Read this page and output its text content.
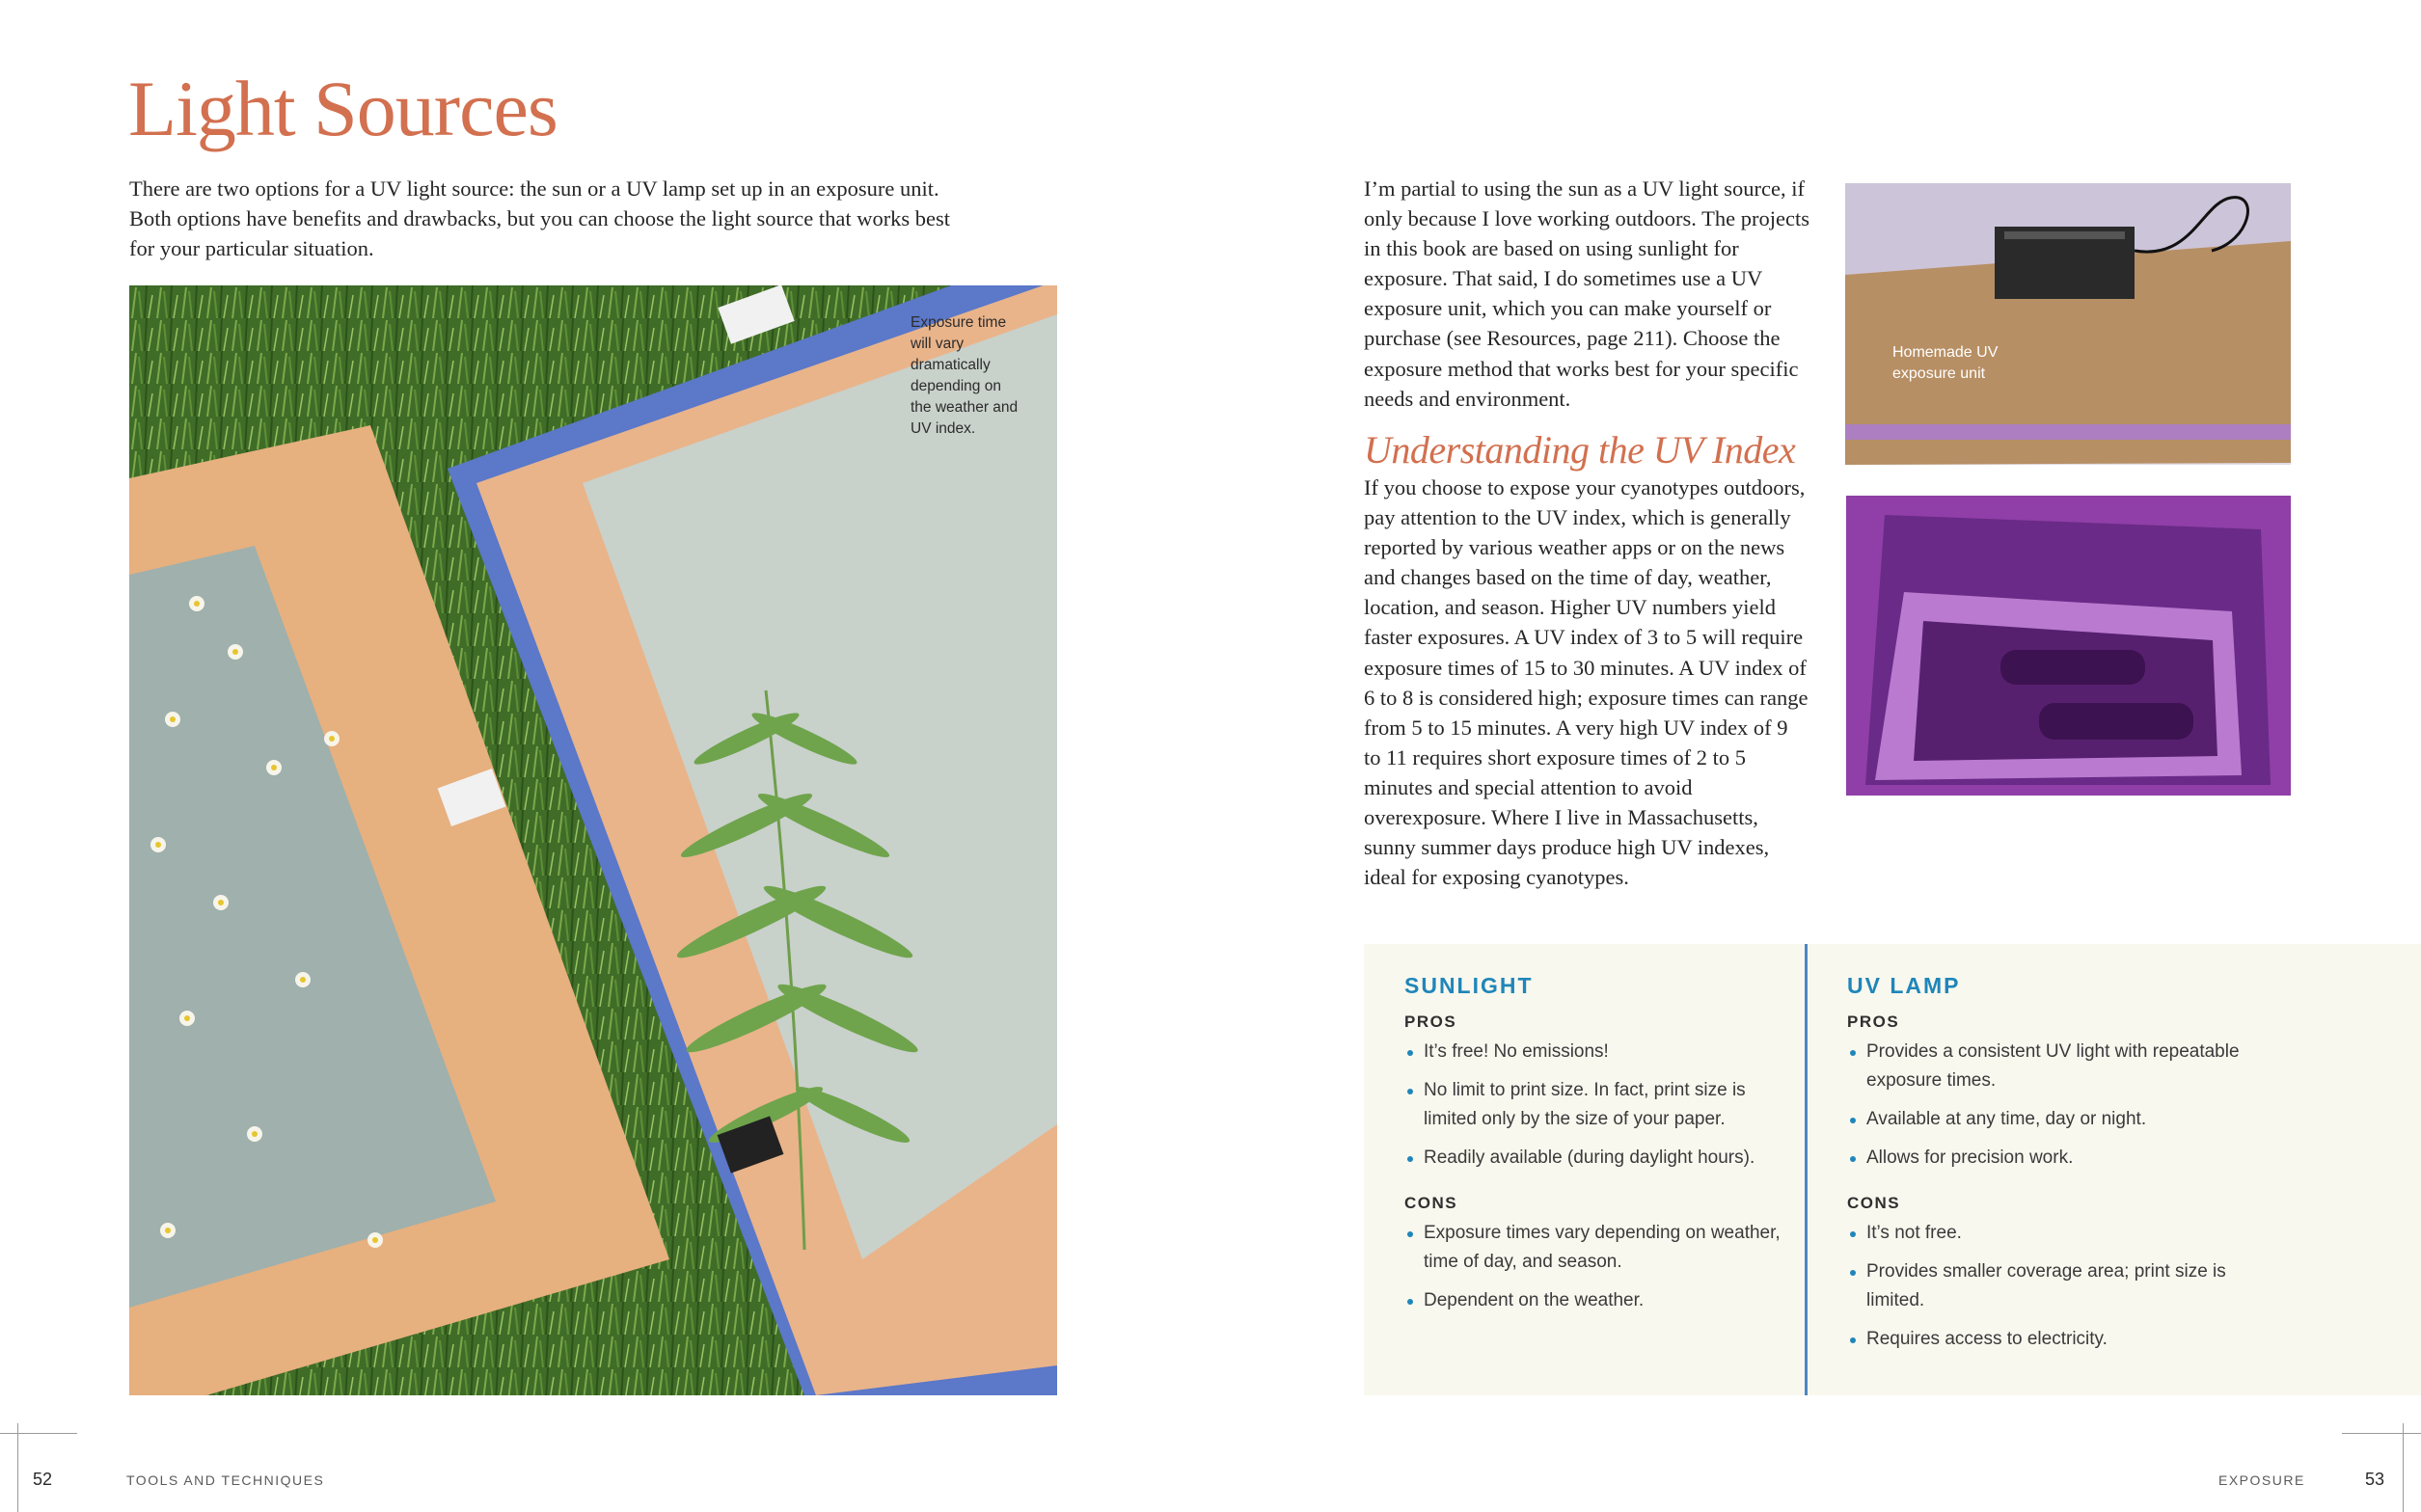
Light Sources

There are two options for a UV light source: the sun or a UV lamp set up in an exposure unit. Both options have benefits and drawbacks, but you can choose the light source that works best for your particular situation.

Exposure time will vary dramatically depending on the weather and UV index.

I’m partial to using the sun as a UV light source, if only because I love working outdoors. The projects in this book are based on using sunlight for exposure. That said, I do sometimes use a UV exposure unit, which you can make yourself or purchase (see Resources, page 211). Choose the exposure method that works best for your specific needs and environment.

Understanding the UV Index

If you choose to expose your cyanotypes outdoors, pay attention to the UV index, which is generally reported by various weather apps or on the news and changes based on the time of day, weather, location, and season. Higher UV numbers yield faster exposures. A UV index of 3 to 5 will require exposure times of 15 to 30 minutes. A UV index of 6 to 8 is considered high; exposure times can range from 5 to 15 minutes. A very high UV index of 9 to 11 requires short exposure times of 2 to 5 minutes and special attention to avoid overexposure. Where I live in Massachusetts, sunny summer days produce high UV indexes, ideal for exposing cyanotypes.

Homemade UV exposure unit

SUNLIGHT
PROS
It’s free! No emissions!
No limit to print size. In fact, print size is limited only by the size of your paper.
Readily available (during daylight hours).
CONS
Exposure times vary depending on weather, time of day, and season.
Dependent on the weather.
UV LAMP
PROS
Provides a consistent UV light with repeatable exposure times.
Available at any time, day or night.
Allows for precision work.
CONS
It’s not free.
Provides smaller coverage area; print size is limited.
Requires access to electricity.

52	TOOLS AND TECHNIQUES	EXPOSURE	53
